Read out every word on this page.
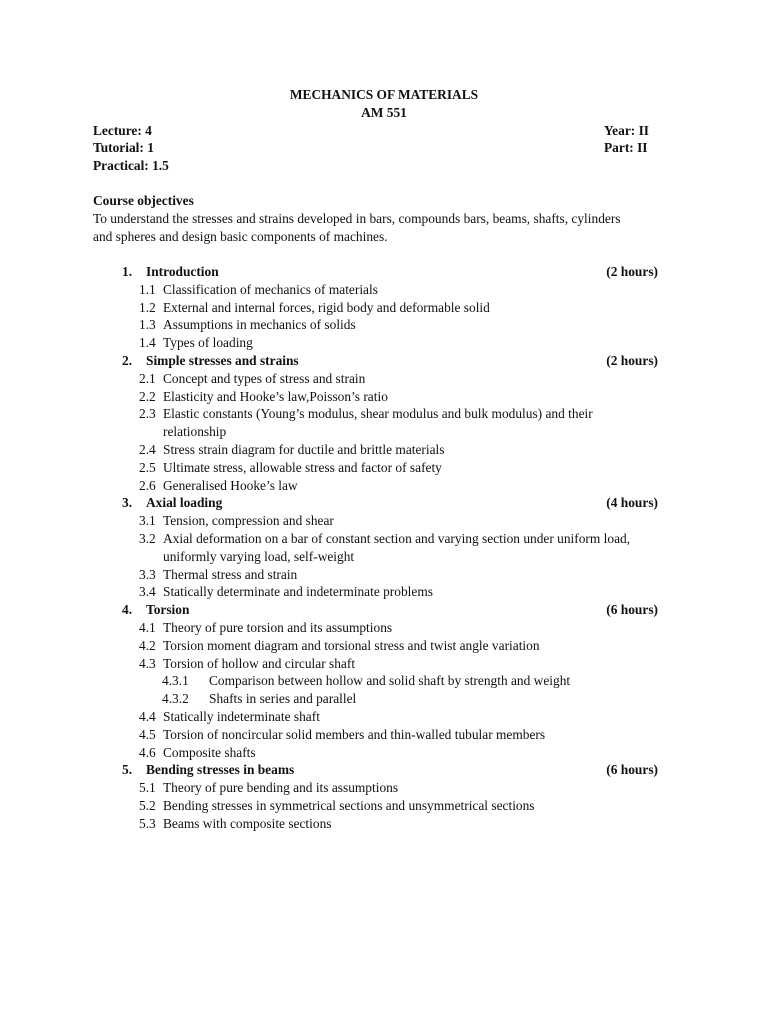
MECHANICS OF MATERIALS
AM 551
Lecture: 4
Tutorial: 1
Practical: 1.5
Year: II
Part: II
Course objectives
To understand the stresses and strains developed in bars, compounds bars, beams, shafts, cylinders
and spheres and design basic components of machines.
1. Introduction	(2 hours)
1.1 Classification of mechanics of materials
1.2 External and internal forces, rigid body and deformable solid
1.3 Assumptions in mechanics of solids
1.4 Types of loading
2. Simple stresses and strains	(2 hours)
2.1 Concept and types of stress and strain
2.2 Elasticity and Hooke’s law,Poisson’s ratio
2.3 Elastic constants (Young’s modulus, shear modulus and bulk modulus) and their
relationship
2.4 Stress strain diagram for ductile and brittle materials
2.5 Ultimate stress, allowable stress and factor of safety
2.6 Generalised Hooke’s law
3. Axial loading	(4 hours)
3.1 Tension, compression and shear
3.2 Axial deformation on a bar of constant section and varying section under uniform load,
uniformly varying load, self-weight
3.3 Thermal stress and strain
3.4 Statically determinate and indeterminate problems
4. Torsion	(6 hours)
4.1 Theory of pure torsion and its assumptions
4.2 Torsion moment diagram and torsional stress and twist angle variation
4.3 Torsion of hollow and circular shaft
4.3.1 Comparison between hollow and solid shaft by strength and weight
4.3.2 Shafts in series and parallel
4.4 Statically indeterminate shaft
4.5 Torsion of noncircular solid members and thin-walled tubular members
4.6 Composite shafts
5. Bending stresses in beams	(6 hours)
5.1 Theory of pure bending and its assumptions
5.2 Bending stresses in symmetrical sections and unsymmetrical sections
5.3 Beams with composite sections
